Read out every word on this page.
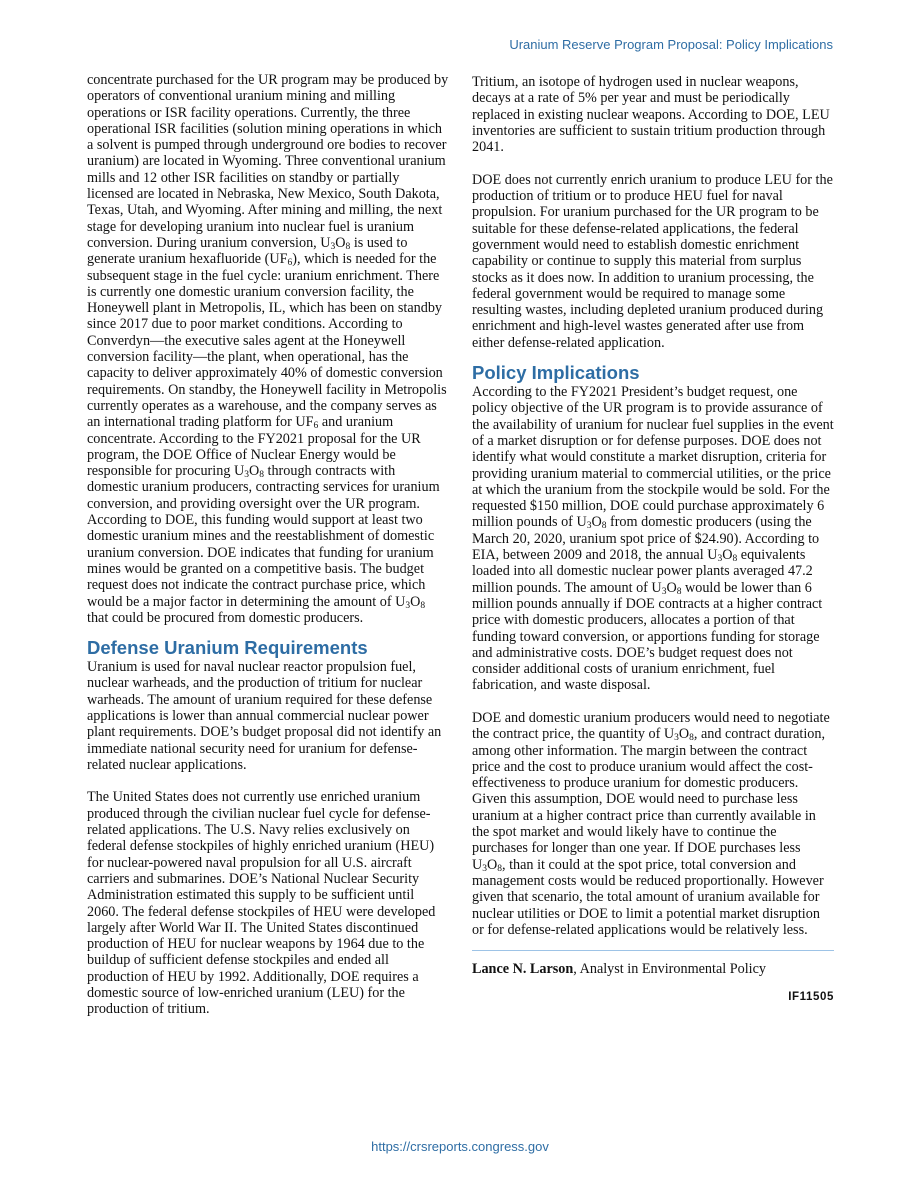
Uranium Reserve Program Proposal: Policy Implications

concentrate purchased for the UR program may be produced by operators of conventional uranium mining and milling operations or ISR facility operations. Currently, the three operational ISR facilities (solution mining operations in which a solvent is pumped through underground ore bodies to recover uranium) are located in Wyoming. Three conventional uranium mills and 12 other ISR facilities on standby or partially licensed are located in Nebraska, New Mexico, South Dakota, Texas, Utah, and Wyoming. After mining and milling, the next stage for developing uranium into nuclear fuel is uranium conversion. During uranium conversion, $U_3O_8$ is used to generate uranium hexafluoride $(UF_6)$, which is needed for the subsequent stage in the fuel cycle: uranium enrichment. There is currently one domestic uranium conversion facility, the Honeywell plant in Metropolis, IL, which has been on standby since 2017 due to poor market conditions. According to Converdyn—the executive sales agent at the Honeywell conversion facility—the plant, when operational, has the capacity to deliver approximately 40% of domestic conversion requirements. On standby, the Honeywell facility in Metropolis currently operates as a warehouse, and the company serves as an international trading platform for $UF_6$ and uranium concentrate. According to the FY2021 proposal for the UR program, the DOE Office of Nuclear Energy would be responsible for procuring $U_3O_8$ through contracts with domestic uranium producers, contracting services for uranium conversion, and providing oversight over the UR program. According to DOE, this funding would support at least two domestic uranium mines and the reestablishment of domestic uranium conversion. DOE indicates that funding for uranium mines would be granted on a competitive basis. The budget request does not indicate the contract purchase price, which would be a major factor in determining the amount of $U_3O_8$ that could be procured from domestic producers.

Defense Uranium Requirements

Uranium is used for naval nuclear reactor propulsion fuel, nuclear warheads, and the production of tritium for nuclear warheads. The amount of uranium required for these defense applications is lower than annual commercial nuclear power plant requirements. DOE’s budget proposal did not identify an immediate national security need for uranium for defense-related nuclear applications.

The United States does not currently use enriched uranium produced through the civilian nuclear fuel cycle for defense-related applications. The U.S. Navy relies exclusively on federal defense stockpiles of highly enriched uranium (HEU) for nuclear-powered naval propulsion for all U.S. aircraft carriers and submarines. DOE’s National Nuclear Security Administration estimated this supply to be sufficient until 2060. The federal defense stockpiles of HEU were developed largely after World War II. The United States discontinued production of HEU for nuclear weapons by 1964 due to the buildup of sufficient defense stockpiles and ended all production of HEU by 1992. Additionally, DOE requires a domestic source of low-enriched uranium (LEU) for the production of tritium.

Tritium, an isotope of hydrogen used in nuclear weapons, decays at a rate of 5% per year and must be periodically replaced in existing nuclear weapons. According to DOE, LEU inventories are sufficient to sustain tritium production through 2041.

DOE does not currently enrich uranium to produce LEU for the production of tritium or to produce HEU fuel for naval propulsion. For uranium purchased for the UR program to be suitable for these defense-related applications, the federal government would need to establish domestic enrichment capability or continue to supply this material from surplus stocks as it does now. In addition to uranium processing, the federal government would be required to manage some resulting wastes, including depleted uranium produced during enrichment and high-level wastes generated after use from either defense-related application.

Policy Implications

According to the FY2021 President’s budget request, one policy objective of the UR program is to provide assurance of the availability of uranium for nuclear fuel supplies in the event of a market disruption or for defense purposes. DOE does not identify what would constitute a market disruption, criteria for providing uranium material to commercial utilities, or the price at which the uranium from the stockpile would be sold. For the requested $150 million, DOE could purchase approximately 6 million pounds of $U_3O_8$ from domestic producers (using the March 20, 2020, uranium spot price of $24.90). According to EIA, between 2009 and 2018, the annual $U_3O_8$ equivalents loaded into all domestic nuclear power plants averaged 47.2 million pounds. The amount of $U_3O_8$ would be lower than 6 million pounds annually if DOE contracts at a higher contract price with domestic producers, allocates a portion of that funding toward conversion, or apportions funding for storage and administrative costs. DOE’s budget request does not consider additional costs of uranium enrichment, fuel fabrication, and waste disposal.

DOE and domestic uranium producers would need to negotiate the contract price, the quantity of $U_3O_8$, and contract duration, among other information. The margin between the contract price and the cost to produce uranium would affect the cost-effectiveness to produce uranium for domestic producers. Given this assumption, DOE would need to purchase less uranium at a higher contract price than currently available in the spot market and would likely have to continue the purchases for longer than one year. If DOE purchases less $U_3O_8$, than it could at the spot price, total conversion and management costs would be reduced proportionally. However given that scenario, the total amount of uranium available for nuclear utilities or DOE to limit a potential market disruption or for defense-related applications would be relatively less.

Lance N. Larson, Analyst in Environmental Policy
IF11505
https://crsreports.congress.gov
